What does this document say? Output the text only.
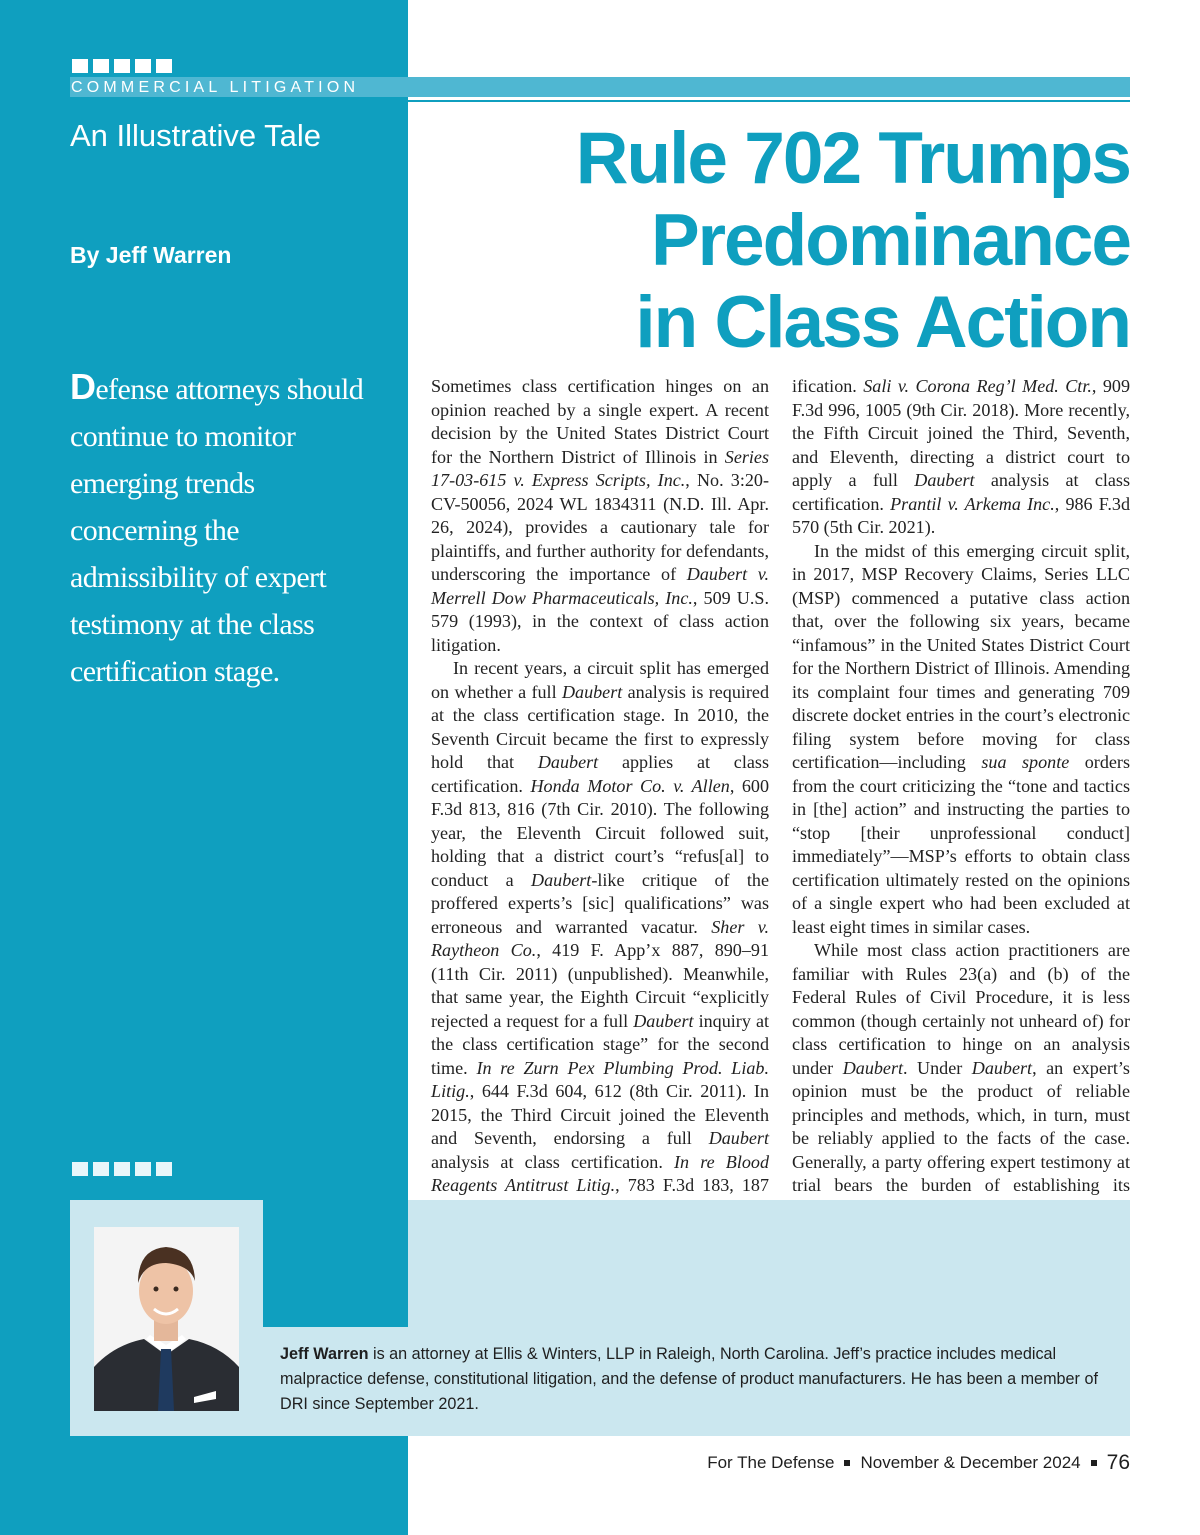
COMMERCIAL LITIGATION
An Illustrative Tale
By Jeff Warren

Defense attorneys should continue to monitor emerging trends concerning the admissibility of expert testimony at the class certification stage.

Rule 702 Trumps
Predominance
in Class Action

Sometimes class certification hinges on an opinion reached by a single expert. A recent decision by the United States District Court for the Northern District of Illinois in Series 17-03-615 v. Express Scripts, Inc., No. 3:20-CV-50056, 2024 WL 1834311 (N.D. Ill. Apr. 26, 2024), provides a cautionary tale for plaintiffs, and further authority for defendants, underscoring the importance of Daubert v. Merrell Dow Pharmaceuticals, Inc., 509 U.S. 579 (1993), in the context of class action litigation.

In recent years, a circuit split has emerged on whether a full Daubert analysis is required at the class certification stage. In 2010, the Seventh Circuit became the first to expressly hold that Daubert applies at class certification. Honda Motor Co. v. Allen, 600 F.3d 813, 816 (7th Cir. 2010). The following year, the Eleventh Circuit followed suit, holding that a district court’s “refus[al] to conduct a Daubert-like critique of the proffered experts’s [sic] qualifications” was erroneous and warranted vacatur. Sher v. Raytheon Co., 419 F. App’x 887, 890–91 (11th Cir. 2011) (unpublished). Meanwhile, that same year, the Eighth Circuit “explicitly rejected a request for a full Daubert inquiry at the class certification stage” for the second time. In re Zurn Pex Plumbing Prod. Liab. Litig., 644 F.3d 604, 612 (8th Cir. 2011). In 2015, the Third Circuit joined the Eleventh and Seventh, endorsing a full Daubert analysis at class certification. In re Blood Reagents Antitrust Litig., 783 F.3d 183, 187

ification. Sali v. Corona Reg’l Med. Ctr., 909 F.3d 996, 1005 (9th Cir. 2018). More recently, the Fifth Circuit joined the Third, Seventh, and Eleventh, directing a district court to apply a full Daubert analysis at class certification. Prantil v. Arkema Inc., 986 F.3d 570 (5th Cir. 2021).

In the midst of this emerging circuit split, in 2017, MSP Recovery Claims, Series LLC (MSP) commenced a putative class action that, over the following six years, became “infamous” in the United States District Court for the Northern District of Illinois. Amending its complaint four times and generating 709 discrete docket entries in the court’s electronic filing system before moving for class certification—including sua sponte orders from the court criticizing the “tone and tactics in [the] action” and instructing the parties to “stop [their unprofessional conduct] immediately”—MSP’s efforts to obtain class certification ultimately rested on the opinions of a single expert who had been excluded at least eight times in similar cases.

While most class action practitioners are familiar with Rules 23(a) and (b) of the Federal Rules of Civil Procedure, it is less common (though certainly not unheard of) for class certification to hinge on an analysis under Daubert. Under Daubert, an expert’s opinion must be the product of reliable principles and methods, which, in turn, must be reliably applied to the facts of the case. Generally, a party offering expert testimony at trial bears the burden of establishing its

Jeff Warren is an attorney at Ellis & Winters, LLP in Raleigh, North Carolina. Jeff’s practice includes medical malpractice defense, constitutional litigation, and the defense of product manufacturers. He has been a member of DRI since September 2021.

For The Defense November & December 2024 76
